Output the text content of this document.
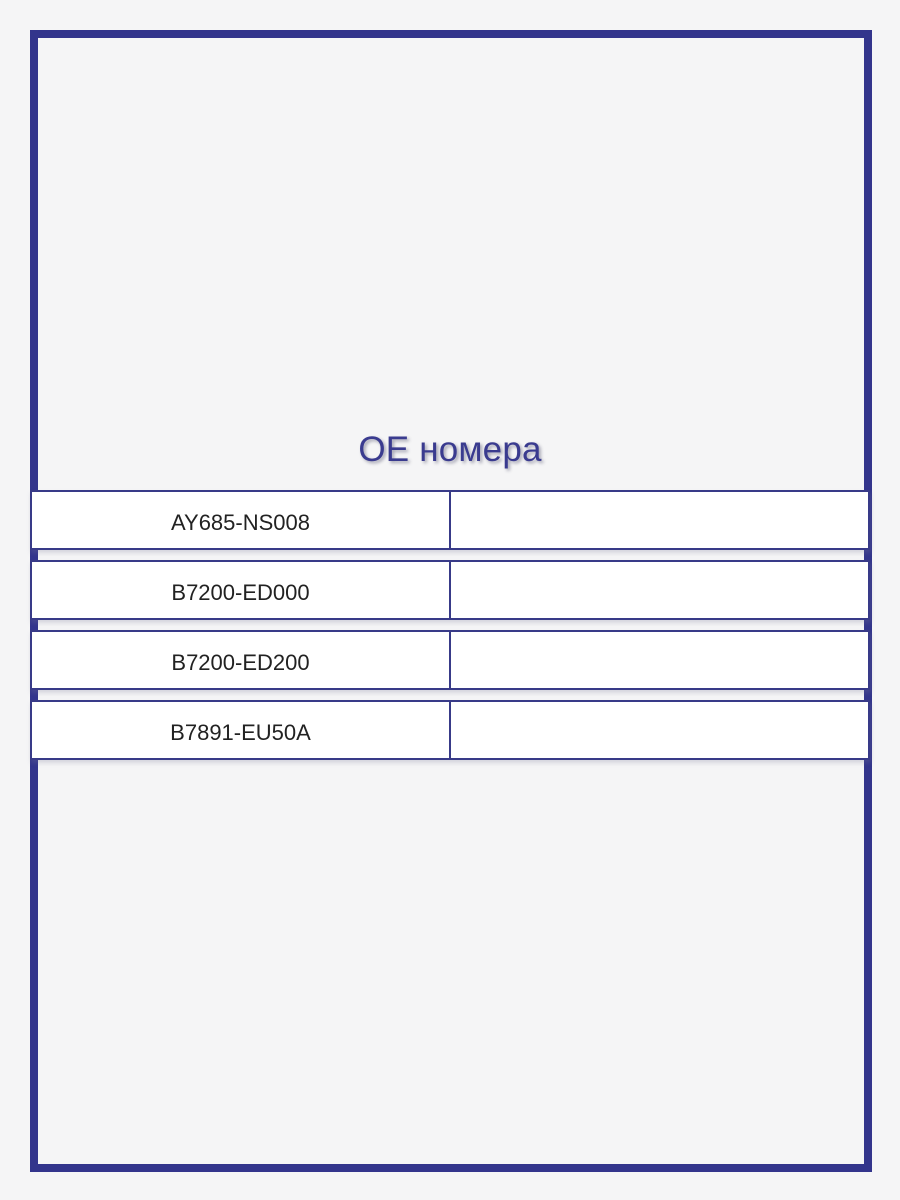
OE номера
AY685-NS008
B7200-ED000
B7200-ED200
B7891-EU50A
